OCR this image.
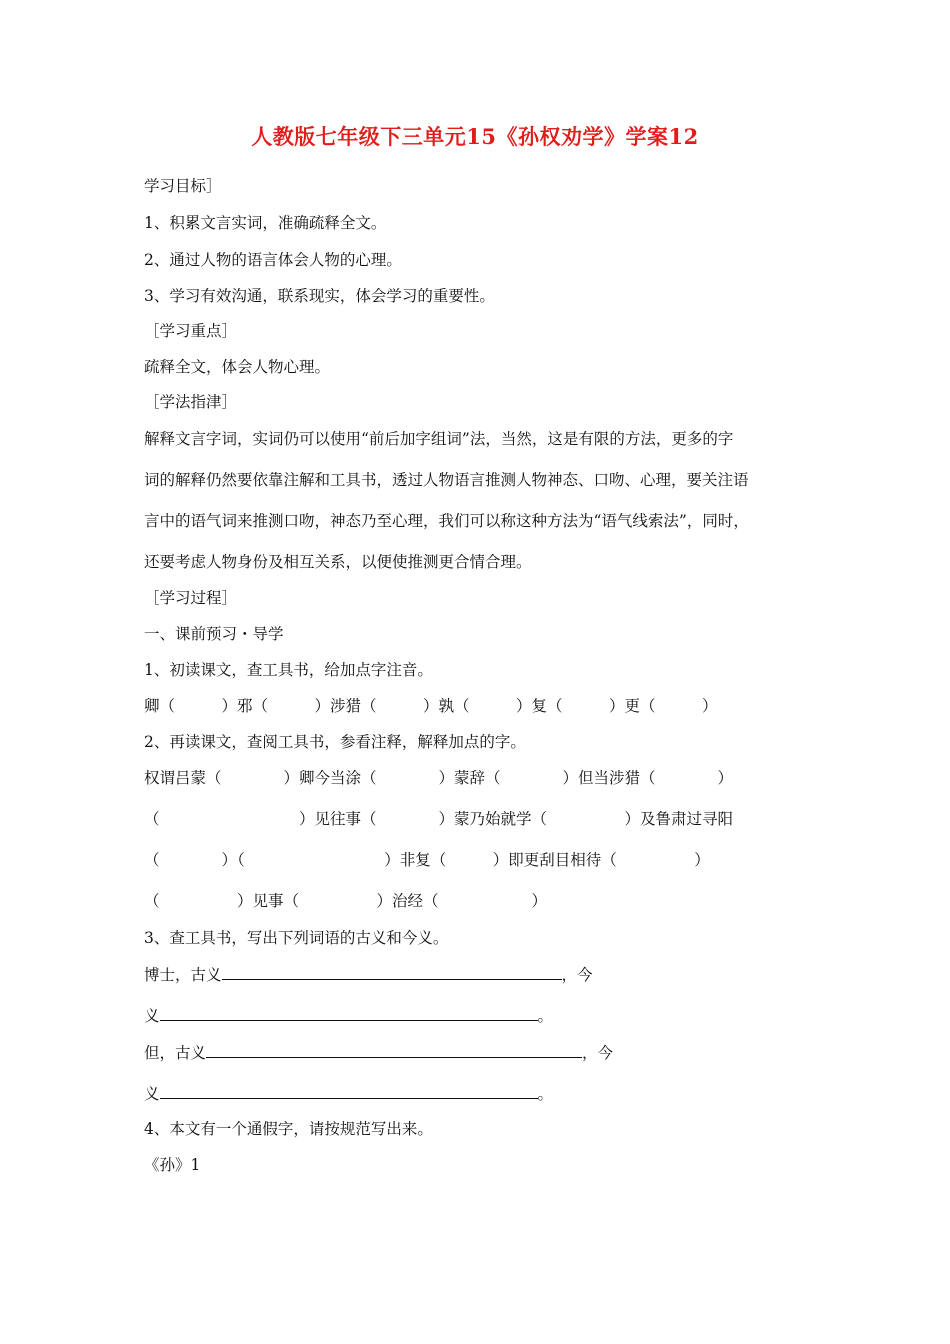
人教版七年级下三单元15《孙权劝学》学案12
学习目标］
1、积累文言实词，准确疏释全文。
2、通过人物的语言体会人物的心理。
3、学习有效沟通，联系现实，体会学习的重要性。
［学习重点］
疏释全文，体会人物心理。
［学法指津］
解释文言字词，实词仍可以使用“前后加字组词”法，当然，这是有限的方法，更多的字
词的解释仍然要依靠注解和工具书，透过人物语言推测人物神态、口吻、心理，要关注语
言中的语气词来推测口吻，神态乃至心理，我们可以称这种方法为“语气线索法”，同时，
还要考虑人物身份及相互关系，以便使推测更合情合理。
［学习过程］
一、课前预习・导学
1、初读课文，查工具书，给加点字注音。
卿（　　　）邪（　　　）涉猎（　　　）孰（　　　）复（　　　）更（　　　）
2、再读课文，查阅工具书，参看注释，解释加点的字。
权谓吕蒙（　　　　）卿今当涂（　　　　）蒙辞（　　　　）但当涉猎（　　　　）
（　　　　　　　　　）见往事（　　　　）蒙乃始就学（　　　　　）及鲁肃过寻阳
（　　　　）（　　　　　　　　　）非复（　　　）即更刮目相待（　　　　　）
（　　　　　）见事（　　　　　）治经（　　　　　　）
3、查工具书，写出下列词语的古义和今义。
博士，古义	，今
义	。
但，古义	，今
义	。
4、本文有一个通假字，请按规范写出来。
《孙》1
